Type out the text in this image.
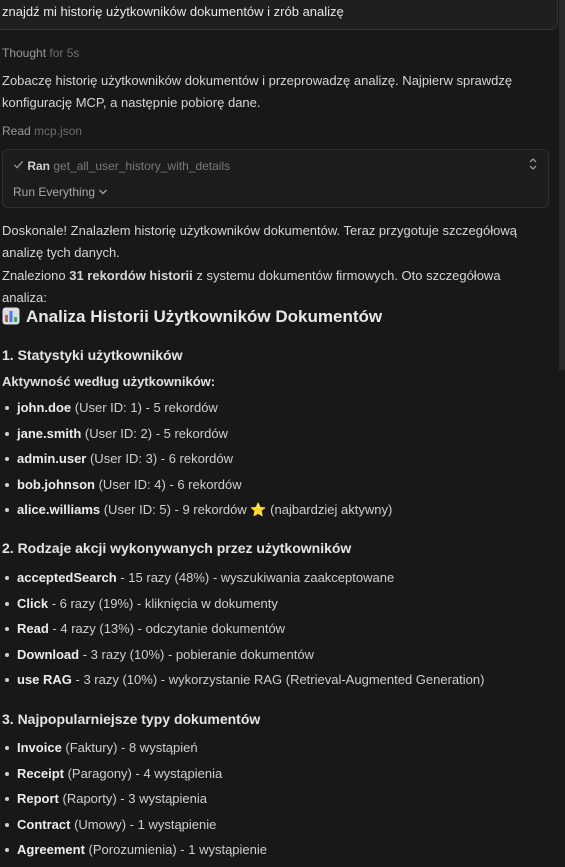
znajdź mi historię użytkowników dokumentów i zrób analizę
Thought for 5s
Zobaczę historię użytkowników dokumentów i przeprowadzę analizę. Najpierw sprawdzę konfigurację MCP, a następnie pobiorę dane.
Read mcp.json
Ran get_all_user_history_with_details
Run Everything
Doskonale! Znalazłem historię użytkowników dokumentów. Teraz przygotuje szczegółową analizę tych danych.
Znaleziono 31 rekordów historii z systemu dokumentów firmowych. Oto szczegółowa analiza:
Analiza Historii Użytkowników Dokumentów
1. Statystyki użytkowników
Aktywność według użytkowników:
john.doe (User ID: 1) - 5 rekordów
jane.smith (User ID: 2) - 5 rekordów
admin.user (User ID: 3) - 6 rekordów
bob.johnson (User ID: 4) - 6 rekordów
alice.williams (User ID: 5) - 9 rekordów ⭐ (najbardziej aktywny)
2. Rodzaje akcji wykonywanych przez użytkowników
acceptedSearch - 15 razy (48%) - wyszukiwania zaakceptowane
Click - 6 razy (19%) - kliknięcia w dokumenty
Read - 4 razy (13%) - odczytanie dokumentów
Download - 3 razy (10%) - pobieranie dokumentów
use RAG - 3 razy (10%) - wykorzystanie RAG (Retrieval-Augmented Generation)
3. Najpopularniejsze typy dokumentów
Invoice (Faktury) - 8 wystąpień
Receipt (Paragony) - 4 wystąpienia
Report (Raporty) - 3 wystąpienia
Contract (Umowy) - 1 wystąpienie
Agreement (Porozumienia) - 1 wystąpienie
